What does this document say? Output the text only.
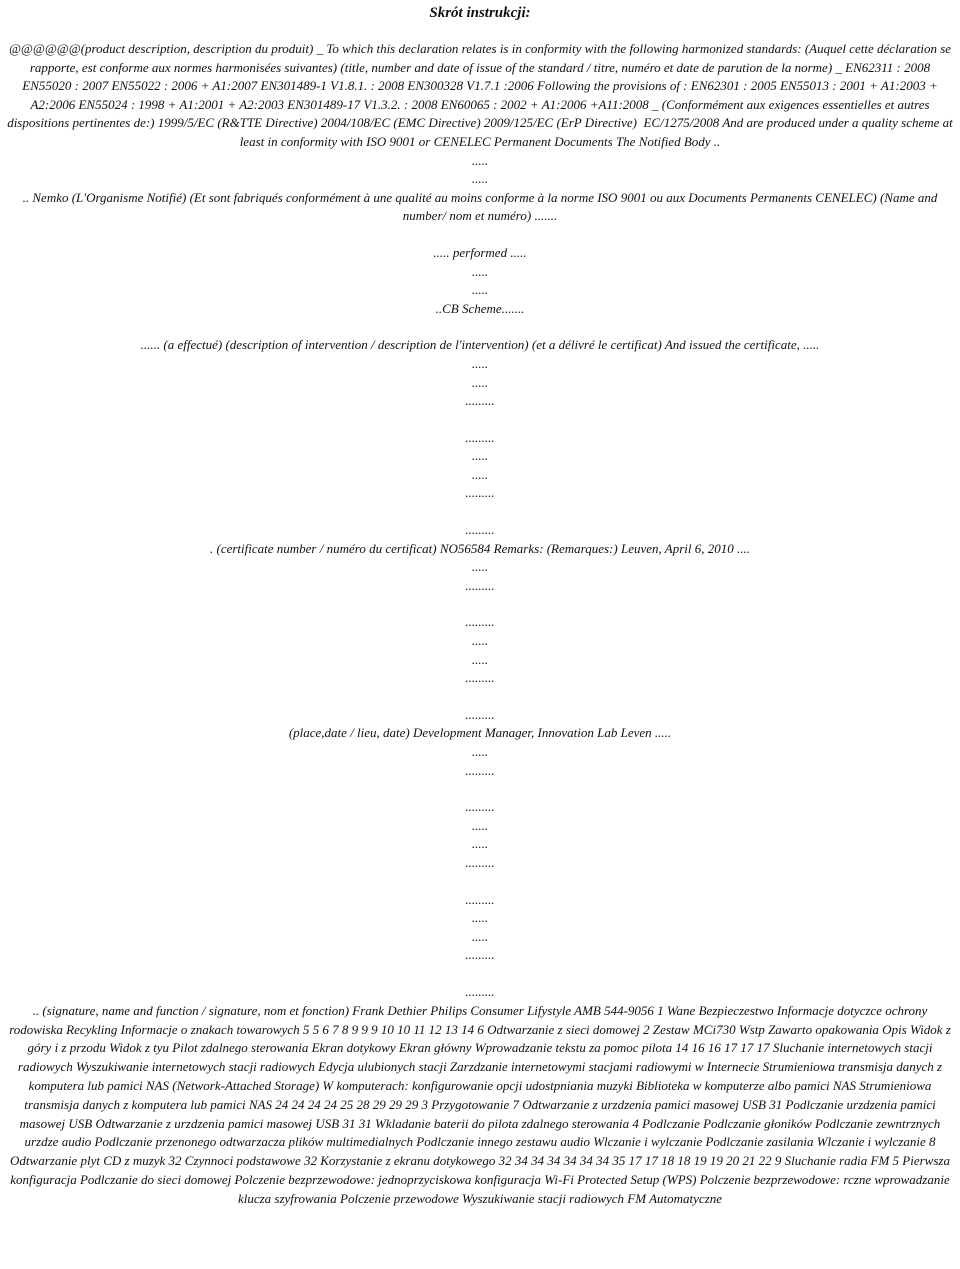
Skrót instrukcji:
@@@@@@(product description, description du produit) _ To which this declaration relates is in conformity with the following harmonized standards: (Auquel cette déclaration se rapporte, est conforme aux normes harmonisées suivantes) (title, number and date of issue of the standard / titre, numéro et date de parution de la norme) _ EN62311 : 2008 EN55020 : 2007 EN55022 : 2006 + A1:2007 EN301489-1 V1.8.1. : 2008 EN300328 V1.7.1 :2006 Following the provisions of : EN62301 : 2005 EN55013 : 2001 + A1:2003 + A2:2006 EN55024 : 1998 + A1:2001 + A2:2003 EN301489-17 V1.3.2. : 2008 EN60065 : 2002 + A1:2006 +A11:2008 _ (Conformément aux exigences essentielles et autres dispositions pertinentes de:) 1999/5/EC (R&TTE Directive) 2004/108/EC (EMC Directive) 2009/125/EC (ErP Directive)  EC/1275/2008 And are produced under a quality scheme at least in conformity with ISO 9001 or CENELEC Permanent Documents The Notified Body ..
.....
.....
.. Nemko (L'Organisme Notifié) (Et sont fabriqués conformément à une qualité au moins conforme à la norme ISO 9001 ou aux Documents Permanents CENELEC) (Name and number/ nom et numéro) .......
..... performed .....
.....
.....
..CB Scheme.......
...... (a effectué) (description of intervention / description de l'intervention) (et a délivré le certificat) And issued the certificate, .....
.....
.....
.........
.........
.....
.....
.........
.........
. (certificate number / numéro du certificat) NO56584 Remarks: (Remarques:) Leuven, April 6, 2010 ....
.....
.........
.........
.....
.....
.........
.........
(place,date / lieu, date) Development Manager, Innovation Lab Leven .....
.....
.........
.........
.....
.....
.........
.........
.....
.....
.........
.........
.. (signature, name and function / signature, nom et fonction) Frank Dethier Philips Consumer Lifystyle AMB 544-9056 1 Wane Bezpieczestwo Informacje dotyczce ochrony rodowiska Recykling Informacje o znakach towarowych 5 5 6 7 8 9 9 9 10 10 11 12 13 14 6 Odtwarzanie z sieci domowej 2 Zestaw MCi730 Wstp Zawarto opakowania Opis Widok z góry i z przodu Widok z tyu Pilot zdalnego sterowania Ekran dotykowy Ekran główny Wprowadzanie tekstu za pomoc pilota 14 16 16 17 17 17 Sluchanie internetowych stacji radiowych Wyszukiwanie internetowych stacji radiowych Edycja ulubionych stacji Zarzdzanie internetowymi stacjami radiowymi w Internecie Strumieniowa transmisja danych z komputera lub pamici NAS (Network-Attached Storage) W komputerach: konfigurowanie opcji udostpniania muzyki Biblioteka w komputerze albo pamici NAS Strumieniowa transmisja danych z komputera lub pamici NAS 24 24 24 24 25 28 29 29 29 3 Przygotowanie 7 Odtwarzanie z urzdzenia pamici masowej USB 31 Podlczanie urzdzenia pamici masowej USB Odtwarzanie z urzdzenia pamici masowej USB 31 31 Wkladanie baterii do pilota zdalnego sterowania 4 Podlczanie Podlczanie głoników Podlczanie zewntrznych urzdze audio Podlczanie przenonego odtwarzacza plików multimedialnych Podlczanie innego zestawu audio Wlczanie i wylczanie Podlczanie zasilania Wlczanie i wylczanie 8 Odtwarzanie plyt CD z muzyk 32 Czynnoci podstawowe 32 Korzystanie z ekranu dotykowego 32 34 34 34 34 34 34 35 17 17 18 18 19 19 20 21 22 9 Sluchanie radia FM 5 Pierwsza konfiguracja Podlczanie do sieci domowej Polczenie bezprzewodowe: jednoprzyciskowa konfiguracja Wi-Fi Protected Setup (WPS) Polczenie bezprzewodowe: rczne wprowadzanie klucza szyfrowania Polczenie przewodowe Wyszukiwanie stacji radiowych FM Automatyczne
